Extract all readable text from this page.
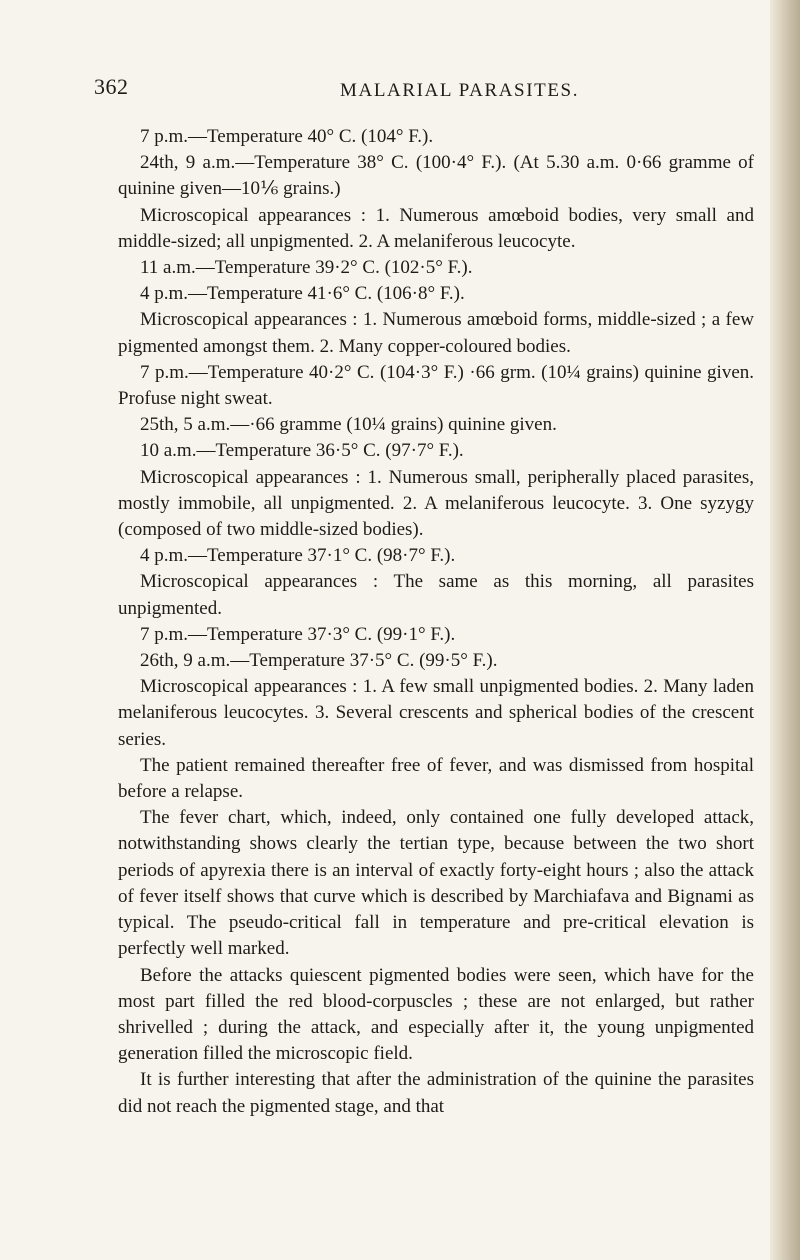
362	MALARIAL PARASITES.

7 p.m.—Temperature 40° C. (104° F.).

24th, 9 a.m.—Temperature 38° C. (100·4° F.). (At 5.30 a.m. 0·66 gramme of quinine given—10⅙ grains.)

Microscopical appearances : 1. Numerous amœboid bodies, very small and middle-sized; all unpigmented. 2. A melaniferous leucocyte.

11 a.m.—Temperature 39·2° C. (102·5° F.).

4 p.m.—Temperature 41·6° C. (106·8° F.).

Microscopical appearances : 1. Numerous amœboid forms, middle-sized ; a few pigmented amongst them. 2. Many copper-coloured bodies.

7 p.m.—Temperature 40·2° C. (104·3° F.) ·66 grm. (10¼ grains) quinine given. Profuse night sweat.

25th, 5 a.m.—·66 gramme (10¼ grains) quinine given.

10 a.m.—Temperature 36·5° C. (97·7° F.).

Microscopical appearances : 1. Numerous small, peripherally placed parasites, mostly immobile, all unpigmented. 2. A melaniferous leucocyte. 3. One syzygy (composed of two middle-sized bodies).

4 p.m.—Temperature 37·1° C. (98·7° F.).

Microscopical appearances : The same as this morning, all parasites unpigmented.

7 p.m.—Temperature 37·3° C. (99·1° F.).

26th, 9 a.m.—Temperature 37·5° C. (99·5° F.).

Microscopical appearances : 1. A few small unpigmented bodies. 2. Many laden melaniferous leucocytes. 3. Several crescents and spherical bodies of the crescent series.

The patient remained thereafter free of fever, and was dismissed from hospital before a relapse.

The fever chart, which, indeed, only contained one fully developed attack, notwithstanding shows clearly the tertian type, because between the two short periods of apyrexia there is an interval of exactly forty-eight hours ; also the attack of fever itself shows that curve which is described by Marchiafava and Bignami as typical. The pseudo-critical fall in temperature and pre-critical elevation is perfectly well marked.

Before the attacks quiescent pigmented bodies were seen, which have for the most part filled the red blood-corpuscles ; these are not enlarged, but rather shrivelled ; during the attack, and especially after it, the young unpigmented generation filled the microscopic field.

It is further interesting that after the administration of the quinine the parasites did not reach the pigmented stage, and that
